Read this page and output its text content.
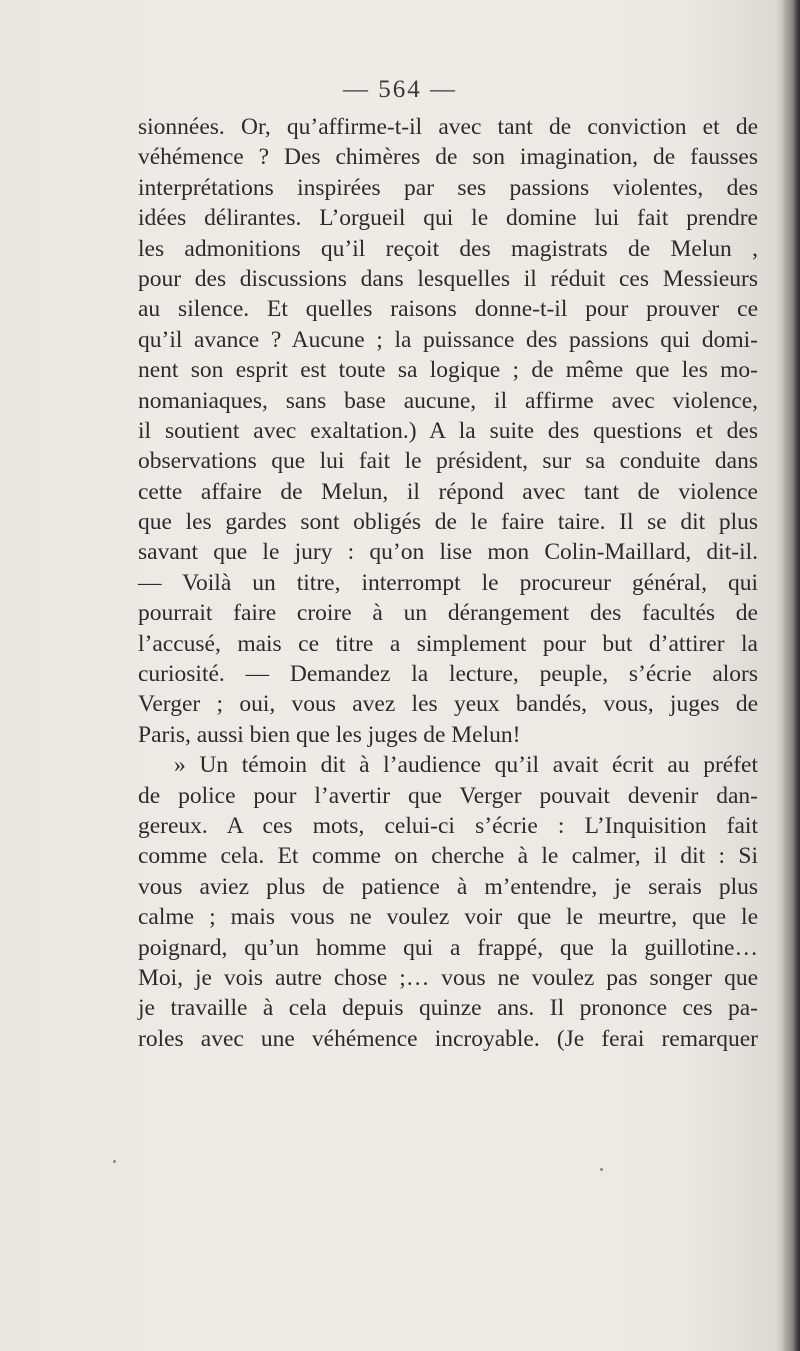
— 564 —
sionnées. Or, qu’affirme-t-il avec tant de conviction et de
véhémence ? Des chimères de son imagination, de fausses
interprétations inspirées par ses passions violentes, des
idées délirantes. L’orgueil qui le domine lui fait prendre
les admonitions qu’il reçoit des magistrats de Melun ,
pour des discussions dans lesquelles il réduit ces Messieurs
au silence. Et quelles raisons donne-t-il pour prouver ce
qu’il avance ? Aucune ; la puissance des passions qui domi-
nent son esprit est toute sa logique ; de même que les mo-
nomaniaques, sans base aucune, il affirme avec violence,
il soutient avec exaltation.) A la suite des questions et des
observations que lui fait le président, sur sa conduite dans
cette affaire de Melun, il répond avec tant de violence
que les gardes sont obligés de le faire taire. Il se dit plus
savant que le jury : qu’on lise mon Colin-Maillard, dit-il.
— Voilà un titre, interrompt le procureur général, qui
pourrait faire croire à un dérangement des facultés de
l’accusé, mais ce titre a simplement pour but d’attirer la
curiosité. — Demandez la lecture, peuple, s’écrie alors
Verger ; oui, vous avez les yeux bandés, vous, juges de
Paris, aussi bien que les juges de Melun!
» Un témoin dit à l’audience qu’il avait écrit au préfet
de police pour l’avertir que Verger pouvait devenir dan-
gereux. A ces mots, celui-ci s’écrie : L’Inquisition fait
comme cela. Et comme on cherche à le calmer, il dit : Si
vous aviez plus de patience à m’entendre, je serais plus
calme ; mais vous ne voulez voir que le meurtre, que le
poignard, qu’un homme qui a frappé, que la guillotine…
Moi, je vois autre chose ;… vous ne voulez pas songer que
je travaille à cela depuis quinze ans. Il prononce ces pa-
roles avec une véhémence incroyable. (Je ferai remarquer
